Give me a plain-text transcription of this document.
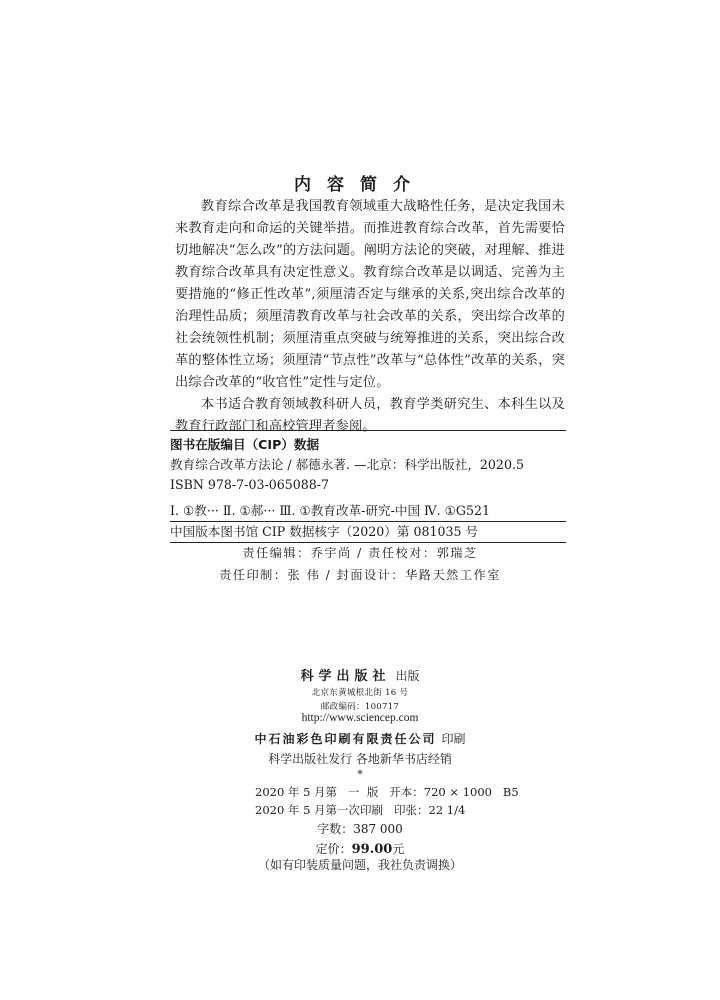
内容简介

教育综合改革是我国教育领域重大战略性任务，是决定我国未来教育走向和命运的关键举措。而推进教育综合改革，首先需要恰切地解决“怎么改”的方法问题。阐明方法论的突破，对理解、推进教育综合改革具有决定性意义。教育综合改革是以调适、完善为主要措施的“修正性改革”,须厘清否定与继承的关系,突出综合改革的治理性品质；须厘清教育改革与社会改革的关系，突出综合改革的社会统领性机制；须厘清重点突破与统筹推进的关系，突出综合改革的整体性立场；须厘清“节点性”改革与“总体性”改革的关系，突出综合改革的“收官性”定性与定位。

本书适合教育领域教科研人员，教育学类研究生、本科生以及教育行政部门和高校管理者参阅。

图书在版编目（CIP）数据
教育综合改革方法论 / 郝德永著. —北京：科学出版社，2020.5
ISBN 978-7-03-065088-7
Ⅰ. ①教··· Ⅱ. ①郝··· Ⅲ. ①教育改革-研究-中国 Ⅳ. ①G521
中国版本图书馆 CIP 数据核字（2020）第 081035 号
责任编辑：乔宇尚 / 责任校对：郭瑞芝
责任印制：张 伟 / 封面设计：华路天然工作室
科学出版社 出版
北京东黄城根北街 16 号
邮政编码：100717
http://www.sciencep.com
中石油彩色印刷有限责任公司 印刷
科学出版社发行 各地新华书店经销
*
2020 年 5 月第   一  版   开本：720 × 1000   B5
2020 年 5 月第一次印刷   印张：22 1/4
字数：387 000
定价：99.00元
（如有印装质量问题，我社负责调换）
